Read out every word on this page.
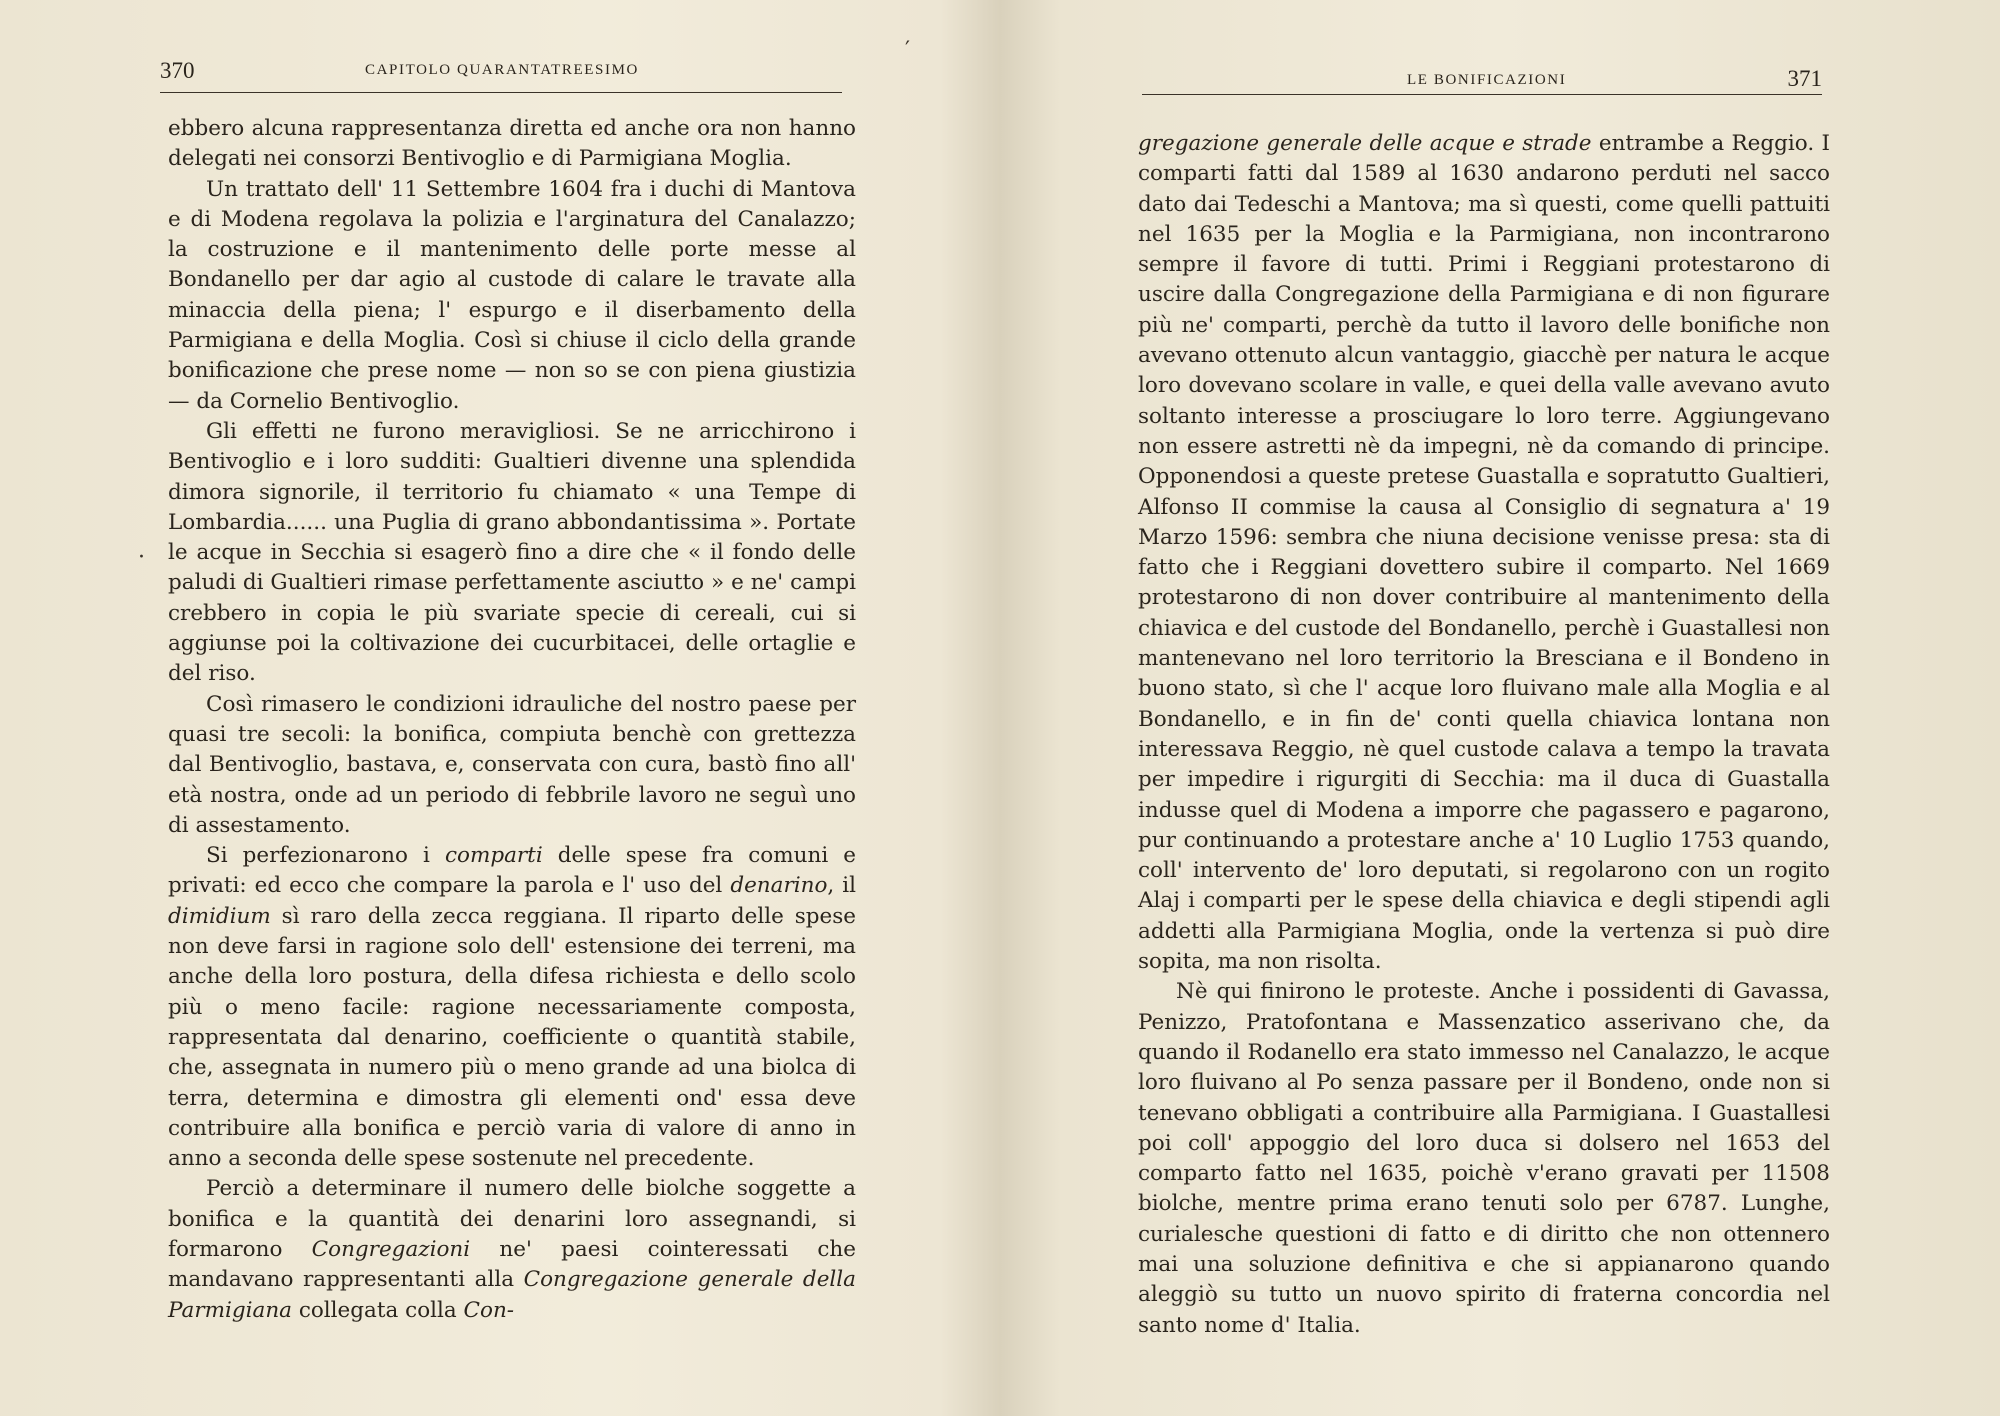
′
·
370	CAPITOLO QUARANTATREESIMO

ebbero alcuna rappresentanza diretta ed anche ora non hanno delegati nei consorzi Bentivoglio e di Parmigiana Moglia.

Un trattato dell' 11 Settembre 1604 fra i duchi di Mantova e di Modena regolava la polizia e l'arginatura del Canalazzo; la costruzione e il mantenimento delle porte messe al Bondanello per dar agio al custode di calare le travate alla minaccia della piena; l' espurgo e il diserbamento della Parmigiana e della Moglia. Così si chiuse il ciclo della grande bonificazione che prese nome — non so se con piena giustizia — da Cornelio Bentivoglio.

Gli effetti ne furono meravigliosi. Se ne arricchirono i Bentivoglio e i loro sudditi: Gualtieri divenne una splendida dimora signorile, il territorio fu chiamato « una Tempe di Lombardia...... una Puglia di grano abbondantissima ». Portate le acque in Secchia si esagerò fino a dire che « il fondo delle paludi di Gualtieri rimase perfettamente asciutto » e ne' campi crebbero in copia le più svariate specie di cereali, cui si aggiunse poi la coltivazione dei cucurbitacei, delle ortaglie e del riso.

Così rimasero le condizioni idrauliche del nostro paese per quasi tre secoli: la bonifica, compiuta benchè con grettezza dal Bentivoglio, bastava, e, conservata con cura, bastò fino all' età nostra, onde ad un periodo di febbrile lavoro ne seguì uno di assestamento.

Si perfezionarono i comparti delle spese fra comuni e privati: ed ecco che compare la parola e l' uso del denarino, il dimidium sì raro della zecca reggiana. Il riparto delle spese non deve farsi in ragione solo dell' estensione dei terreni, ma anche della loro postura, della difesa richiesta e dello scolo più o meno facile: ragione necessariamente composta, rappresentata dal denarino, coefficiente o quantità stabile, che, assegnata in numero più o meno grande ad una biolca di terra, determina e dimostra gli elementi ond' essa deve contribuire alla bonifica e perciò varia di valore di anno in anno a seconda delle spese sostenute nel precedente.

Perciò a determinare il numero delle biolche soggette a bonifica e la quantità dei denarini loro assegnandi, si formarono Congregazioni ne' paesi cointeressati che mandavano rappresentanti alla Congregazione generale della Parmigiana collegata colla Con-

LE BONIFICAZIONI	371

gregazione generale delle acque e strade entrambe a Reggio. I comparti fatti dal 1589 al 1630 andarono perduti nel sacco dato dai Tedeschi a Mantova; ma sì questi, come quelli pattuiti nel 1635 per la Moglia e la Parmigiana, non incontrarono sempre il favore di tutti. Primi i Reggiani protestarono di uscire dalla Congregazione della Parmigiana e di non figurare più ne' comparti, perchè da tutto il lavoro delle bonifiche non avevano ottenuto alcun vantaggio, giacchè per natura le acque loro dovevano scolare in valle, e quei della valle avevano avuto soltanto interesse a prosciugare lo loro terre. Aggiungevano non essere astretti nè da impegni, nè da comando di principe. Opponendosi a queste pretese Guastalla e sopratutto Gualtieri, Alfonso II commise la causa al Consiglio di segnatura a' 19 Marzo 1596: sembra che niuna decisione venisse presa: sta di fatto che i Reggiani dovettero subire il comparto. Nel 1669 protestarono di non dover contribuire al mantenimento della chiavica e del custode del Bondanello, perchè i Guastallesi non mantenevano nel loro territorio la Bresciana e il Bondeno in buono stato, sì che l' acque loro fluivano male alla Moglia e al Bondanello, e in fin de' conti quella chiavica lontana non interessava Reggio, nè quel custode calava a tempo la travata per impedire i rigurgiti di Secchia: ma il duca di Guastalla indusse quel di Modena a imporre che pagassero e pagarono, pur continuando a protestare anche a' 10 Luglio 1753 quando, coll' intervento de' loro deputati, si regolarono con un rogito Alaj i comparti per le spese della chiavica e degli stipendi agli addetti alla Parmigiana Moglia, onde la vertenza si può dire sopita, ma non risolta.

Nè qui finirono le proteste. Anche i possidenti di Gavassa, Penizzo, Pratofontana e Massenzatico asserivano che, da quando il Rodanello era stato immesso nel Canalazzo, le acque loro fluivano al Po senza passare per il Bondeno, onde non si tenevano obbligati a contribuire alla Parmigiana. I Guastallesi poi coll' appoggio del loro duca si dolsero nel 1653 del comparto fatto nel 1635, poichè v'erano gravati per 11508 biolche, mentre prima erano tenuti solo per 6787. Lunghe, curialesche questioni di fatto e di diritto che non ottennero mai una soluzione definitiva e che si appianarono quando aleggiò su tutto un nuovo spirito di fraterna concordia nel santo nome d' Italia.
